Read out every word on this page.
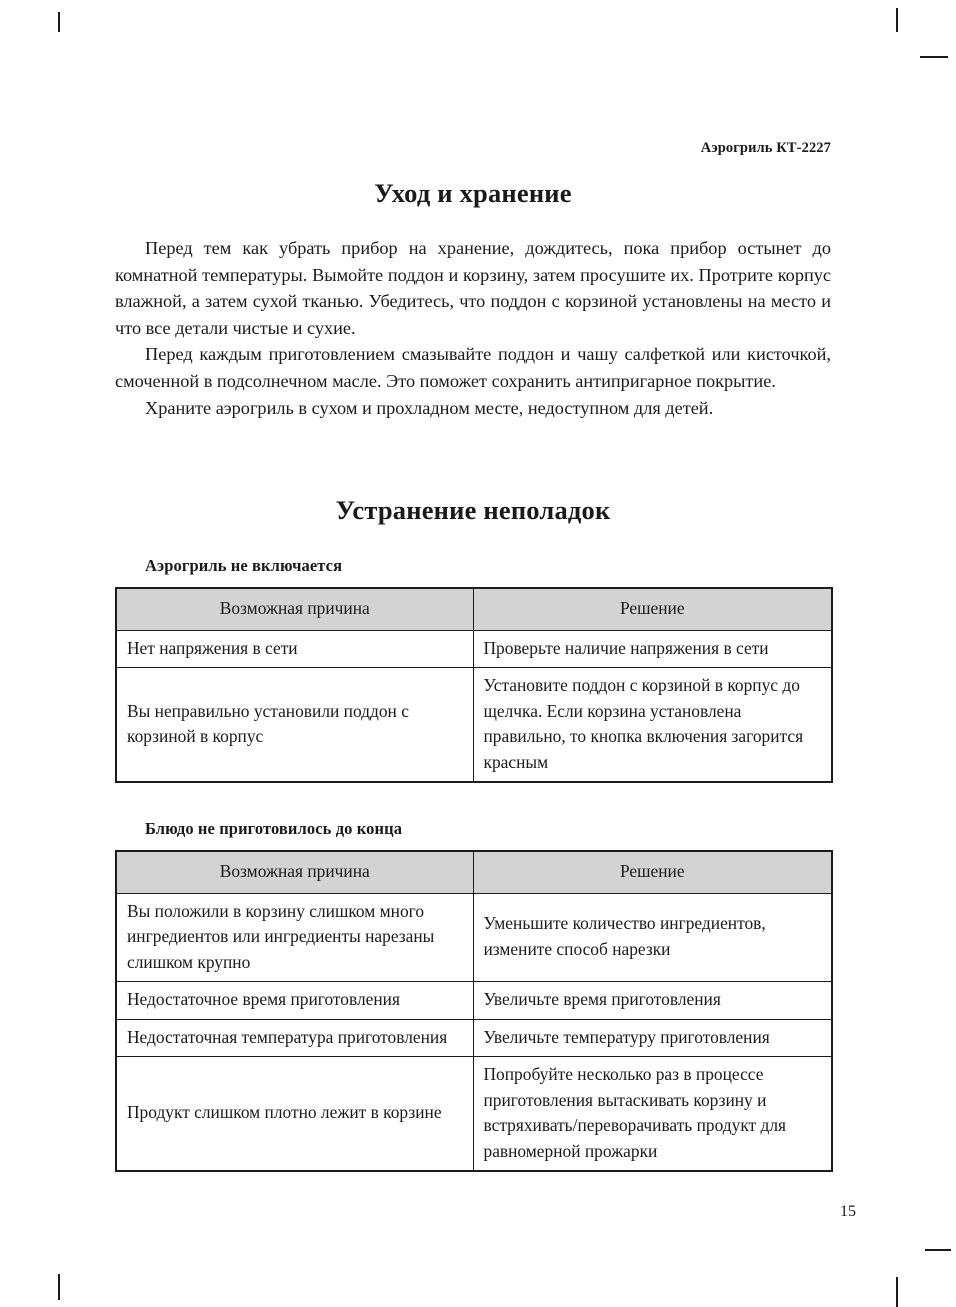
Аэрогриль КТ-2227
Уход и хранение

Перед тем как убрать прибор на хранение, дождитесь, пока прибор остынет до комнатной температуры. Вымойте поддон и корзину, затем просушите их. Протрите корпус влажной, а затем сухой тканью. Убедитесь, что поддон с корзиной установлены на место и что все детали чистые и сухие.

Перед каждым приготовлением смазывайте поддон и чашу салфеткой или кисточкой, смоченной в подсолнечном масле. Это поможет сохранить антипригарное покрытие.

Храните аэрогриль в сухом и прохладном месте, недоступном для детей.

Устранение неполадок
Аэрогриль не включается
Возможная причина	Решение
Нет напряжения в сети	Проверьте наличие напряжения в сети
Вы неправильно установили поддон с корзиной в корпус	Установите поддон с корзиной в корпус до щелчка. Если корзина установлена правильно, то кнопка включения загорится красным
Блюдо не приготовилось до конца
Возможная причина	Решение
Вы положили в корзину слишком много ингредиентов или ингредиенты нарезаны слишком крупно	Уменьшите количество ингредиентов, измените способ нарезки
Недостаточное время приготовления	Увеличьте время приготовления
Недостаточная температура приготовления	Увеличьте температуру приготовления
Продукт слишком плотно лежит в корзине	Попробуйте несколько раз в процессе приготовления вытаскивать корзину и встряхивать/переворачивать продукт для равномерной прожарки
15
